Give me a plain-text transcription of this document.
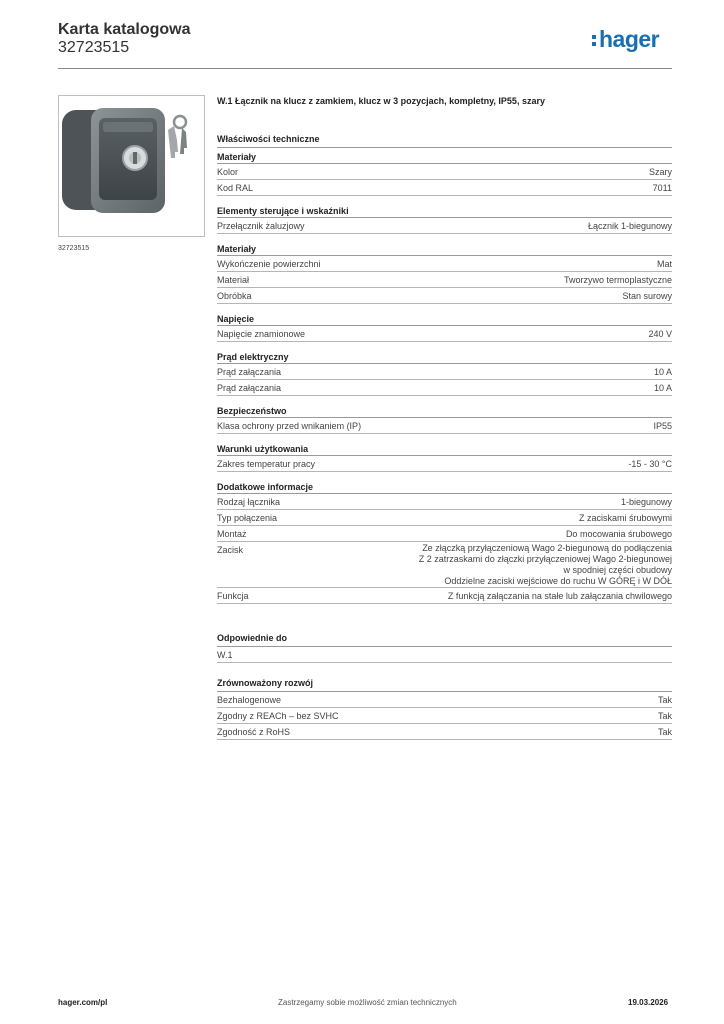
Karta katalogowa
32723515	hager
32723515
W.1 Łącznik na klucz z zamkiem, klucz w 3 pozycjach, kompletny, IP55, szary
Właściwości techniczne
Materiały
Kolor	Szary
Kod RAL	7011
Elementy sterujące i wskaźniki
Przełącznik żaluzjowy	Łącznik 1-biegunowy
Materiały
Wykończenie powierzchni	Mat
Materiał	Tworzywo termoplastyczne
Obróbka	Stan surowy
Napięcie
Napięcie znamionowe	240 V
Prąd elektryczny
Prąd załączania	10 A
Prąd załączania	10 A
Bezpieczeństwo
Klasa ochrony przed wnikaniem (IP)	IP55
Warunki użytkowania
Zakres temperatur pracy	-15 - 30 °C
Dodatkowe informacje
Rodzaj łącznika	1-biegunowy
Typ połączenia	Z zaciskami śrubowymi
Montaż	Do mocowania śrubowego
Zacisk	Ze złączką przyłączeniową Wago 2-biegunową do podłączenia
Z 2 zatrzaskami do złączki przyłączeniowej Wago 2-biegunowej
w spodniej części obudowy
Oddzielne zaciski wejściowe do ruchu W GÓRĘ i W DÓŁ
Funkcja	Z funkcją załączania na stałe lub załączania chwilowego
Odpowiednie do
W.1
Zrównoważony rozwój
Bezhalogenowe	Tak
Zgodny z REACh – bez SVHC	Tak
Zgodność z RoHS	Tak
hager.com/pl	Zastrzegamy sobie możliwość zmian technicznych	19.03.2026
